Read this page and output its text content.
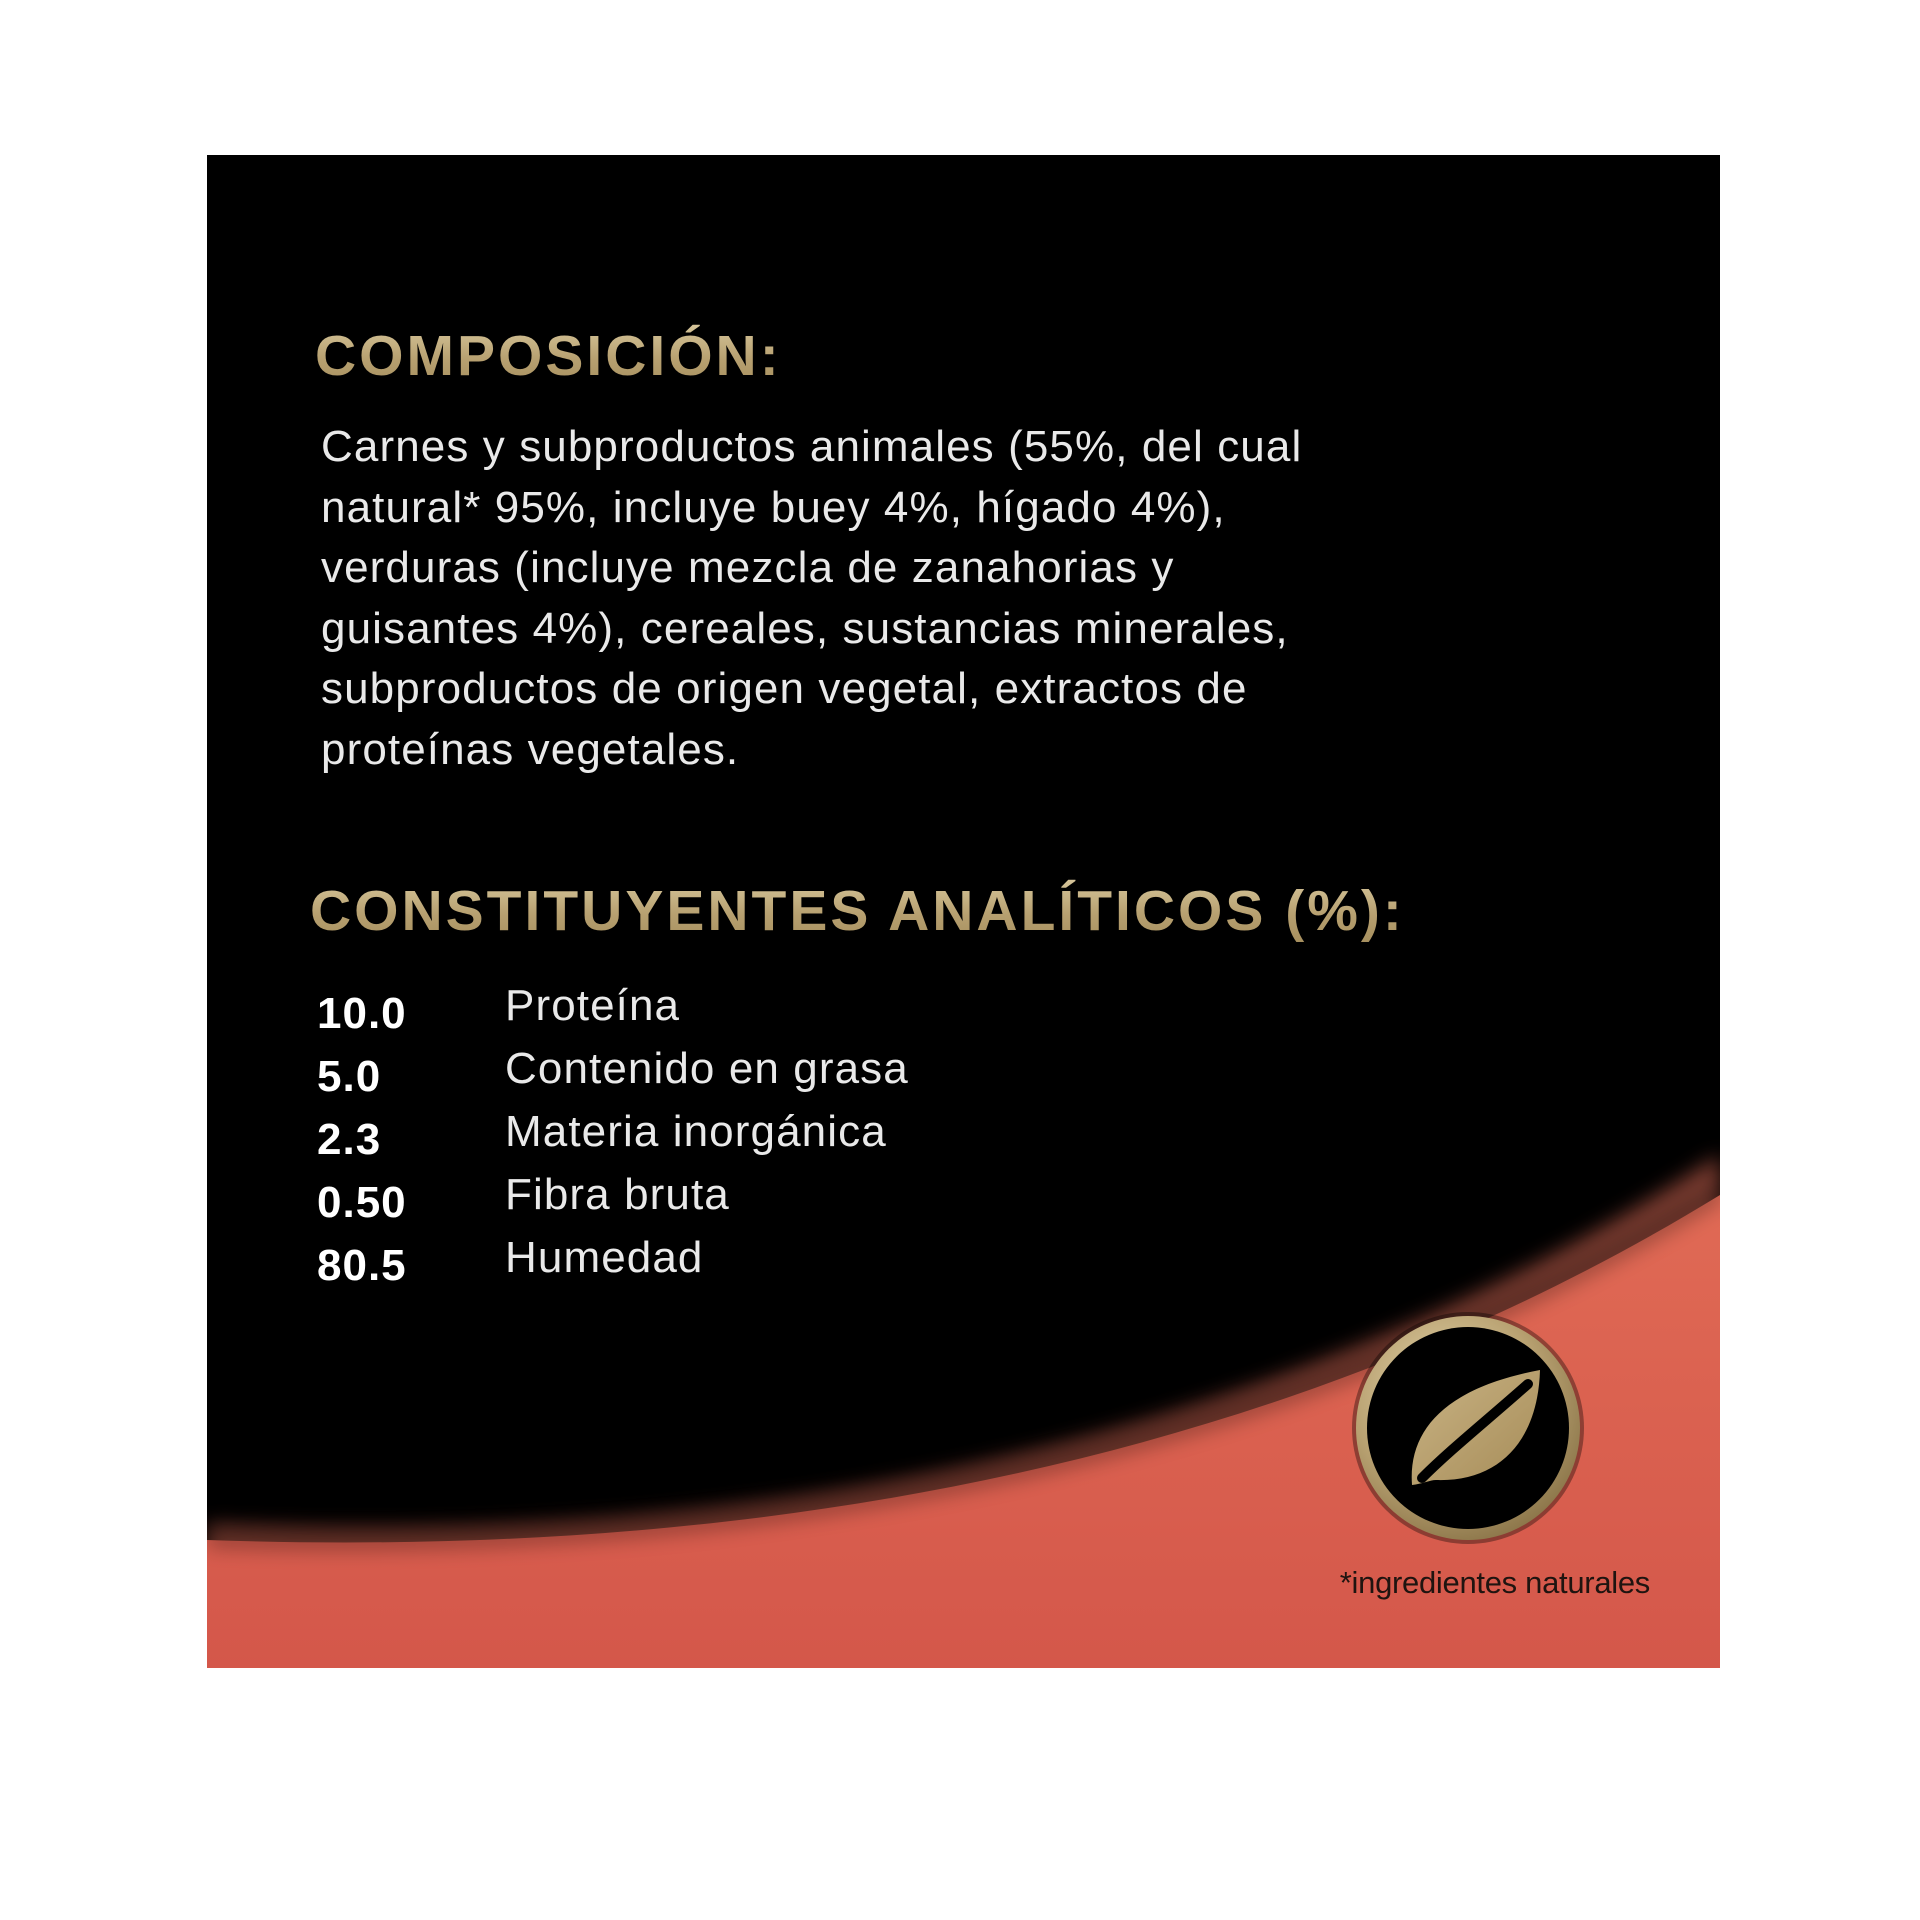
COMPOSICIÓN:

Carnes y subproductos animales (55%, del cual
natural* 95%, incluye buey 4%, hígado 4%),
verduras (incluye mezcla de zanahorias y
guisantes 4%), cereales, sustancias minerales,
subproductos de origen vegetal, extractos de
proteínas vegetales.

CONSTITUYENTES ANALÍTICOS (%):
10.0 Proteína
5.0	Contenido en grasa
2.3	Materia inorgánica
0.50 Fibra bruta
80.5 Humedad
*ingredientes naturales
